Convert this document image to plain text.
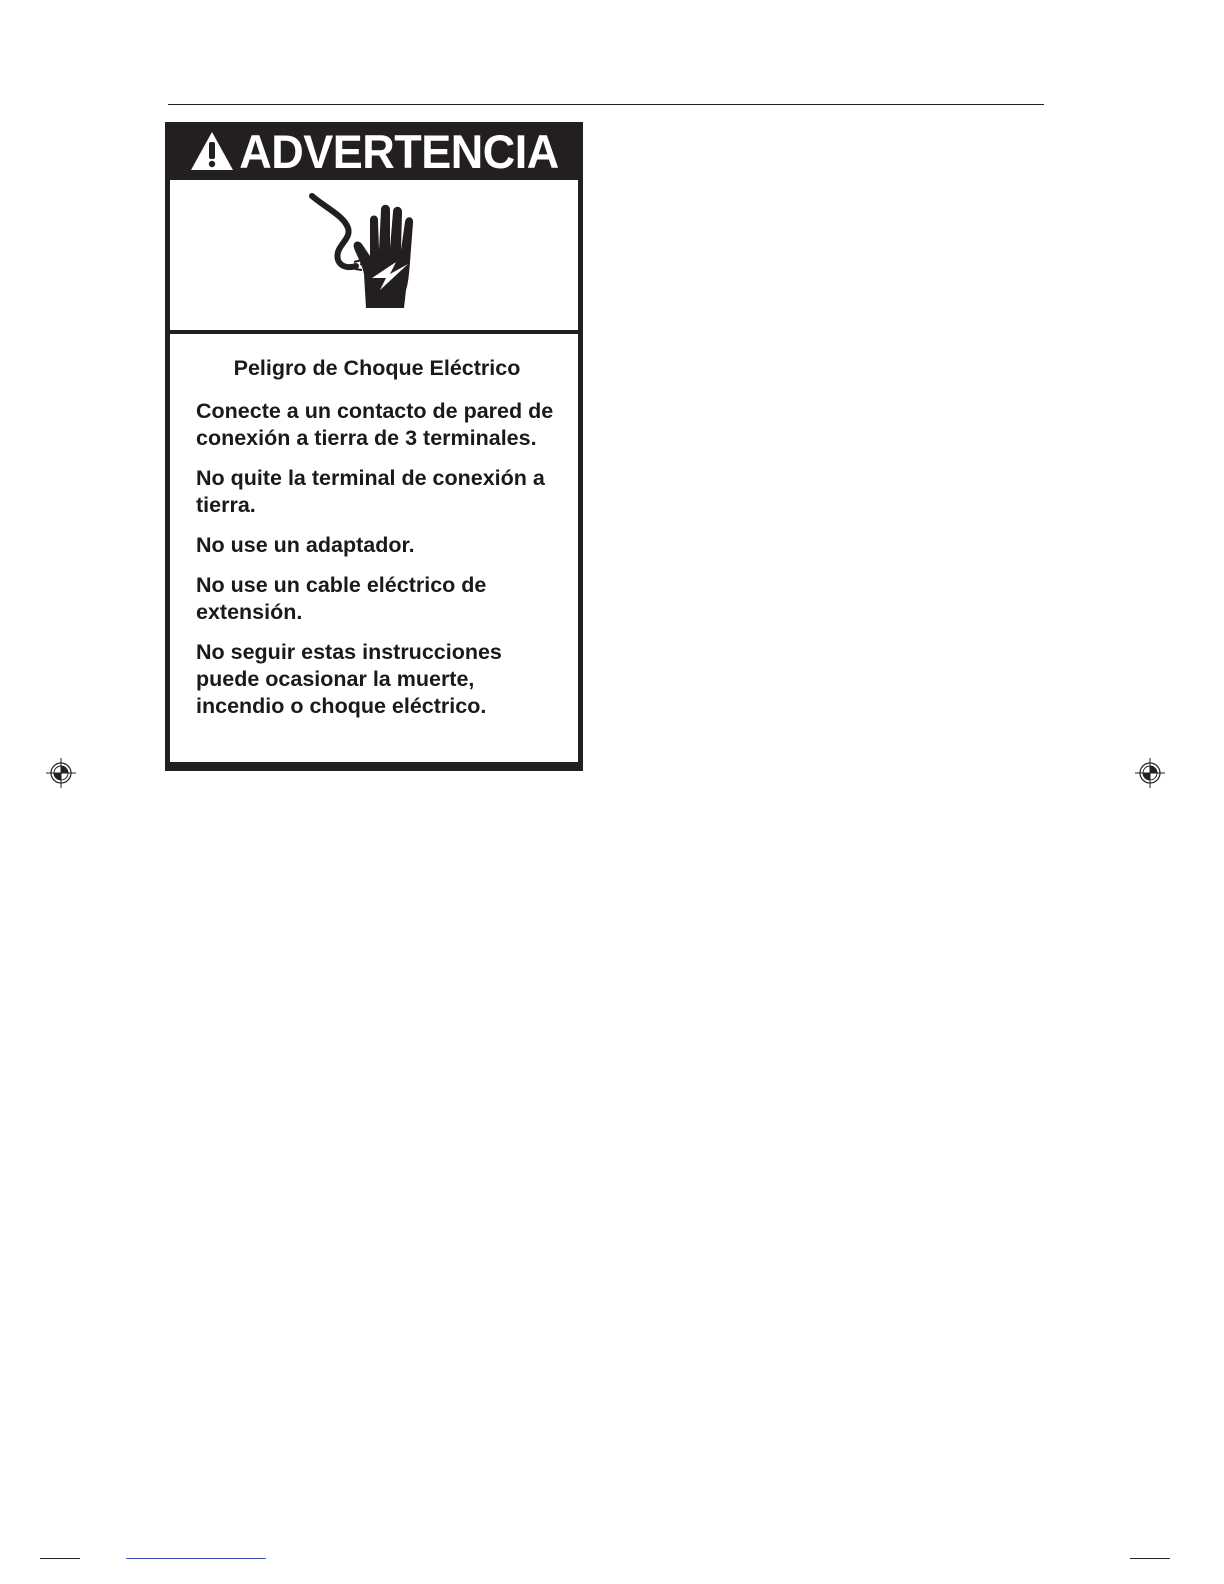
ADVERTENCIA
Peligro de Choque Eléctrico

Conecte a un contacto de pared de conexión a tierra de 3 terminales.

No quite la terminal de conexión a tierra.

No use un adaptador.

No use un cable eléctrico de extensión.

No seguir estas instrucciones puede ocasionar la muerte, incendio o choque eléctrico.
